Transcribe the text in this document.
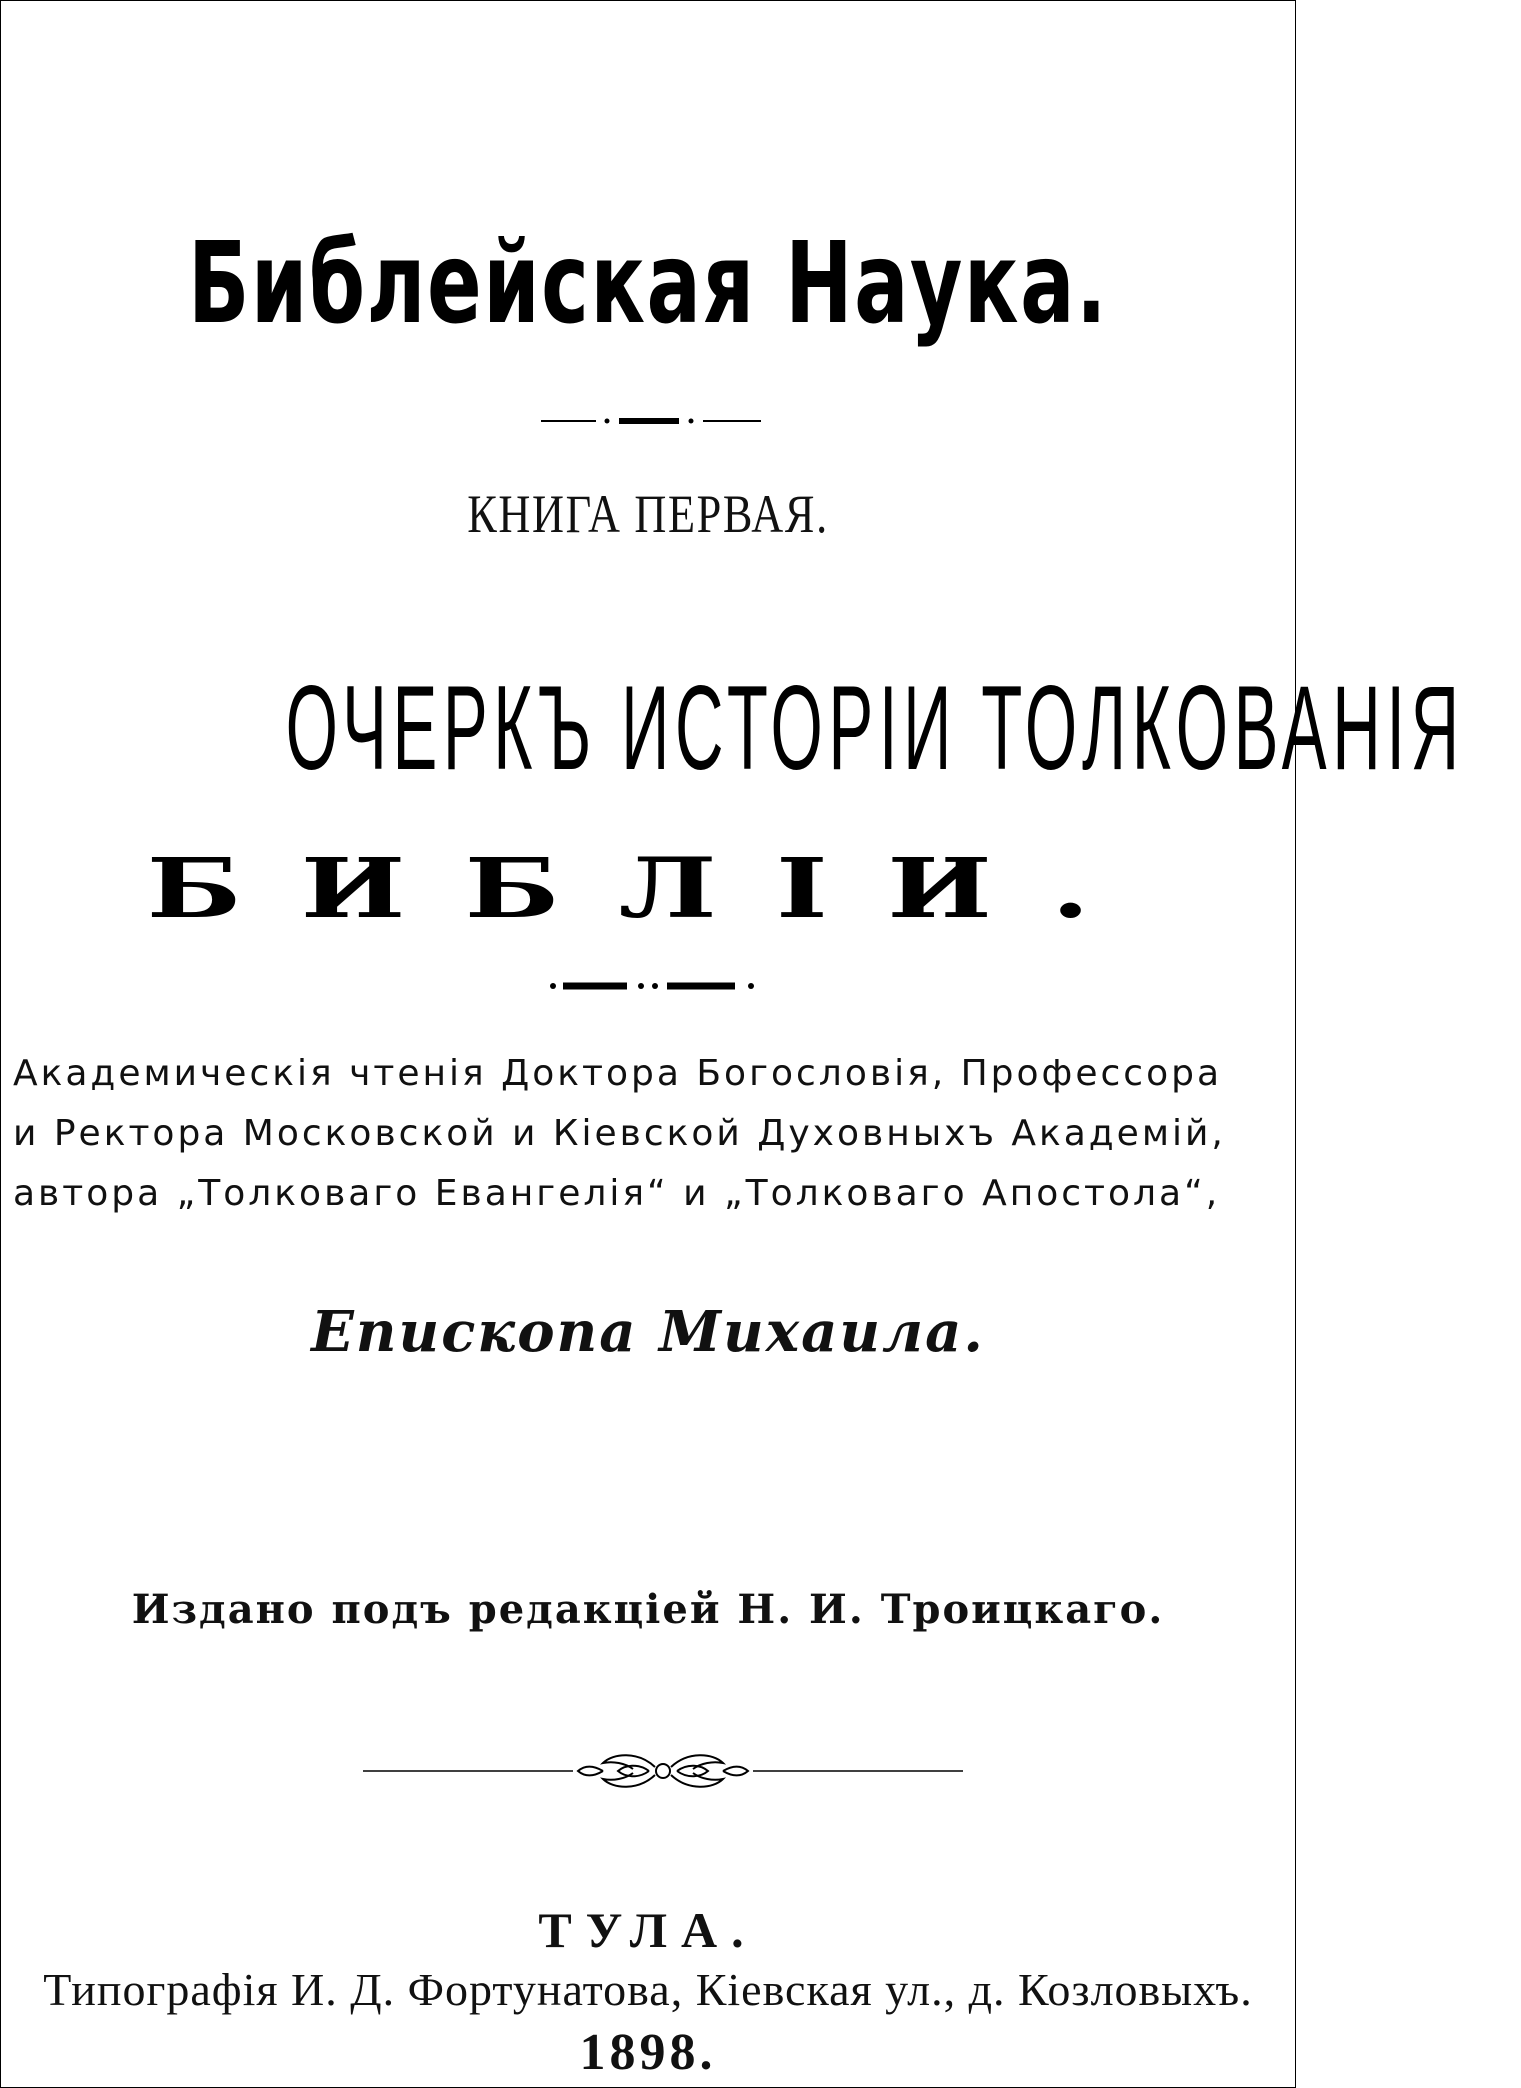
Библейская Наука.
КНИГА ПЕРВАЯ.
ОЧЕРКЪ ИСТОРІИ ТОЛКОВАНІЯ
БИБЛІИ.
Академическія чтенія Доктора Богословія, Профессора
и Ректора Московской и Кіевской Духовныхъ Академій,
автора „Толковаго Евангелія“ и „Толковаго Апостола“,
Епископа Михаила.
Издано подъ редакціей Н. И. Троицкаго.
ТУЛА.
Типографія И. Д. Фортунатова, Кіевская ул., д. Козловыхъ.
1898.
